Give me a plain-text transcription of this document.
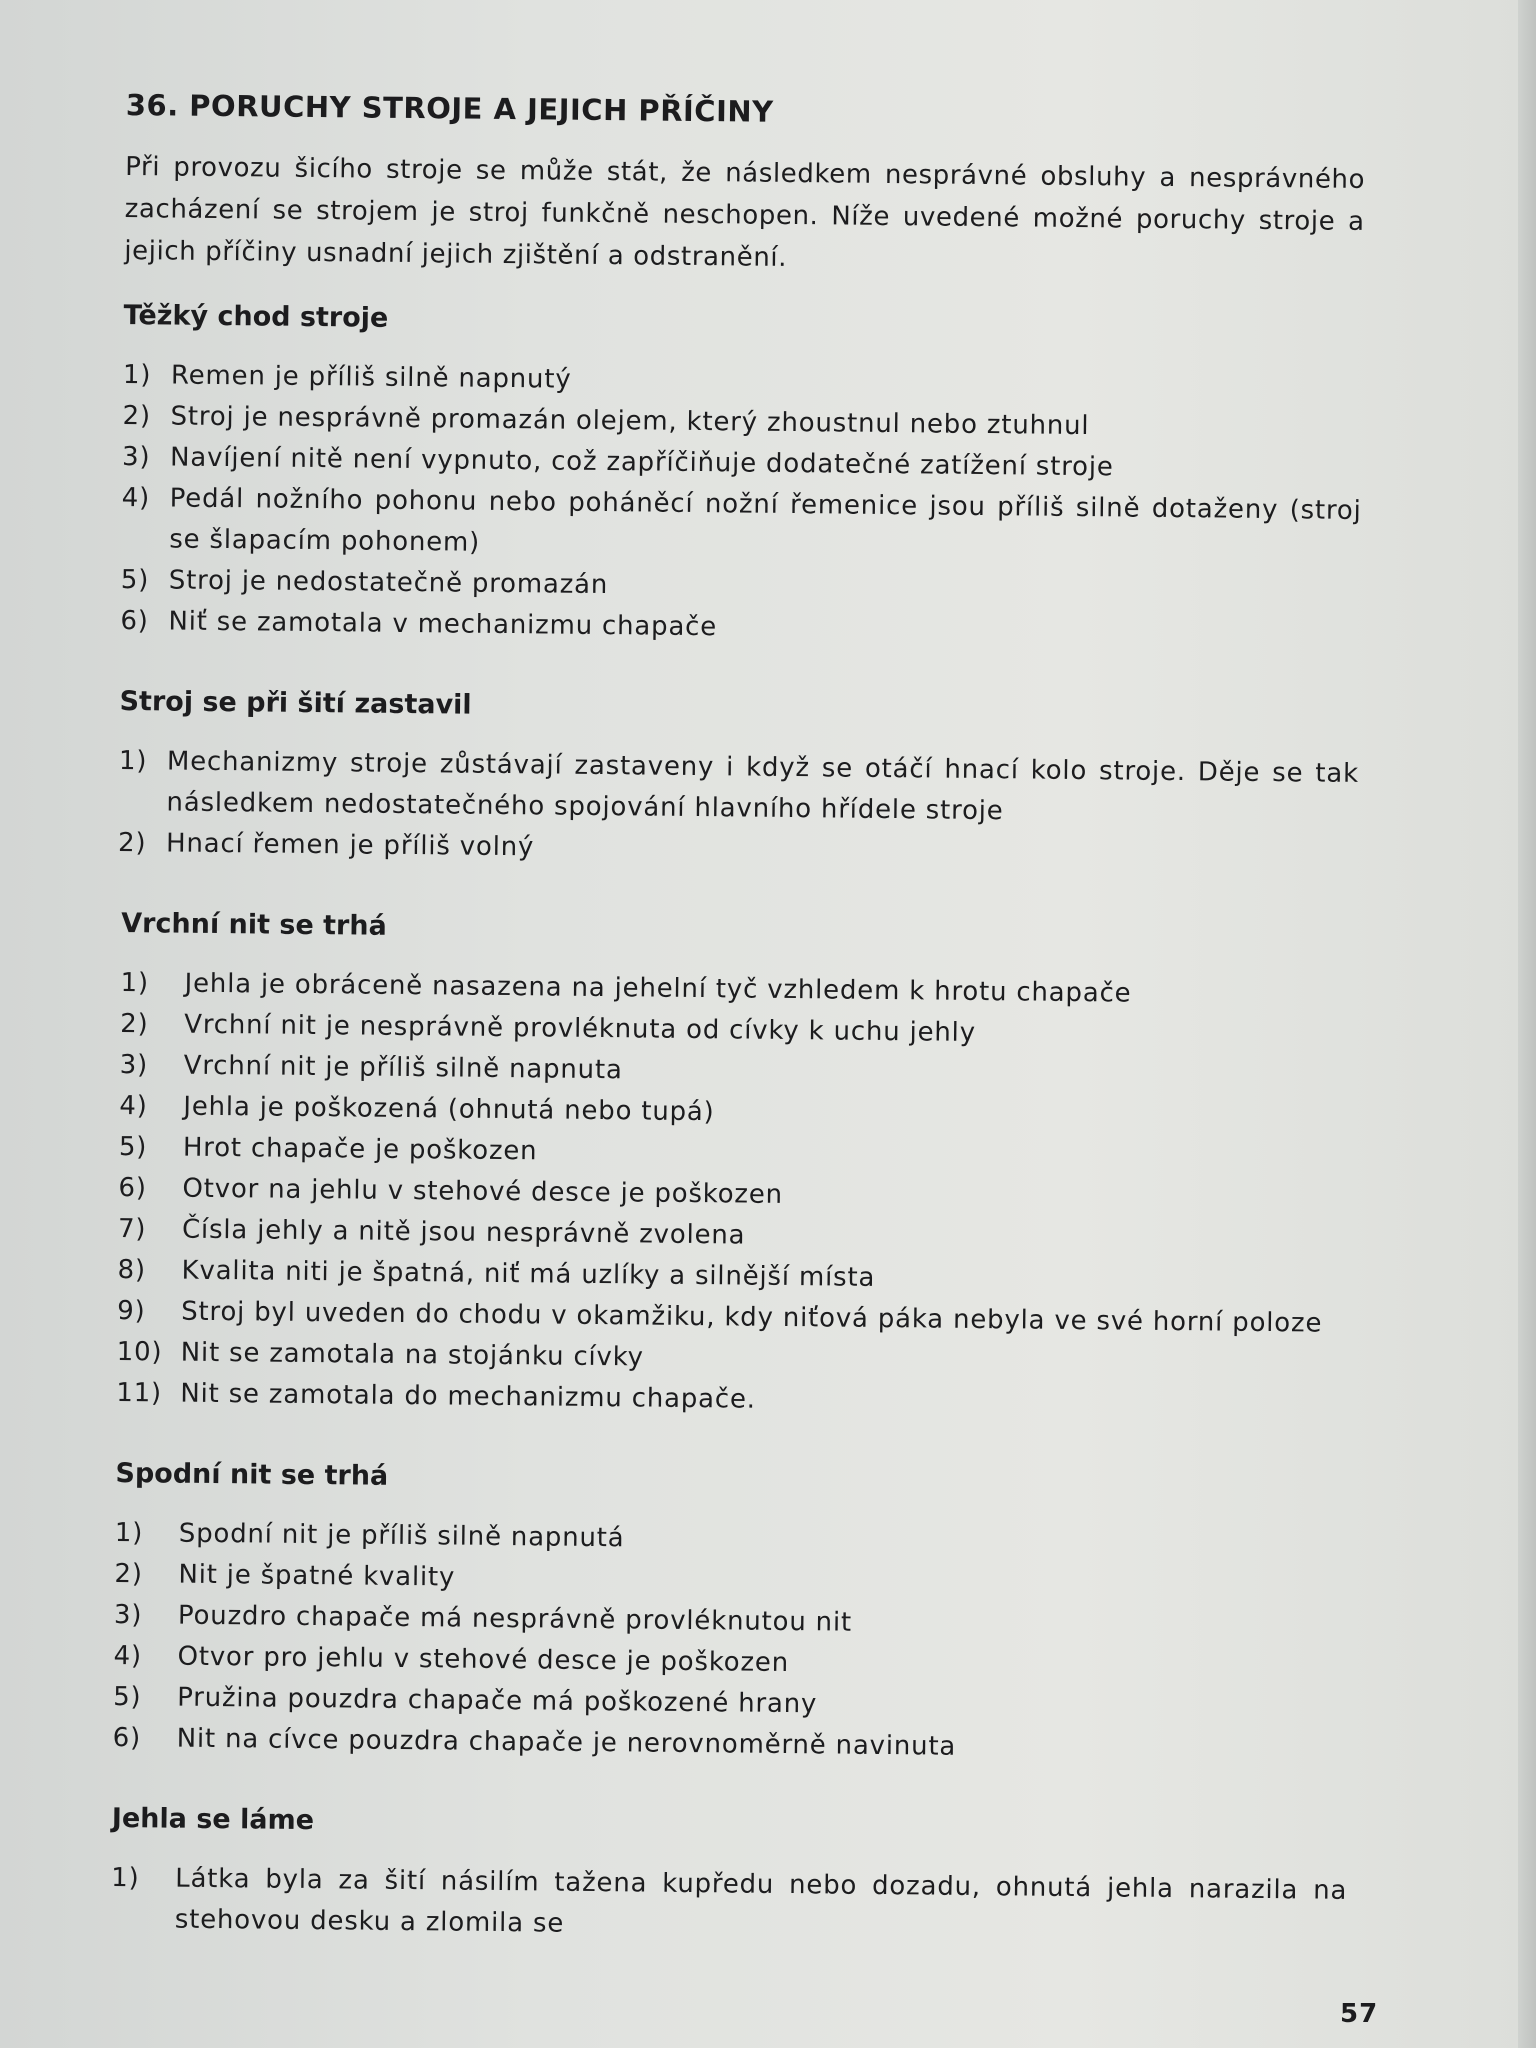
36. PORUCHY STROJE A JEJICH PŘÍČINY

Při provozu šicího stroje se může stát, že následkem nesprávné obsluhy a nesprávného zacházení se strojem je stroj funkčně neschopen. Níže uvedené možné poruchy stroje a jejich příčiny usnadní jejich zjištění a odstranění.

Těžký chod stroje
1) Remen je příliš silně napnutý
2) Stroj je nesprávně promazán olejem, který zhoustnul nebo ztuhnul
3) Navíjení nitě není vypnuto, což zapříčiňuje dodatečné zatížení stroje
4) Pedál nožního pohonu nebo poháněcí nožní řemenice jsou příliš silně dotaženy (stroj se šlapacím pohonem)
5) Stroj je nedostatečně promazán
6) Niť se zamotala v mechanizmu chapače
Stroj se při šití zastavil
1) Mechanizmy stroje zůstávají zastaveny i když se otáčí hnací kolo stroje. Děje se tak následkem nedostatečného spojování hlavního hřídele stroje
2) Hnací řemen je příliš volný
Vrchní nit se trhá
1) Jehla je obráceně nasazena na jehelní tyč vzhledem k hrotu chapače
2) Vrchní nit je nesprávně provléknuta od cívky k uchu jehly
3) Vrchní nit je příliš silně napnuta
4) Jehla je poškozená (ohnutá nebo tupá)
5) Hrot chapače je poškozen
6) Otvor na jehlu v stehové desce je poškozen
7) Čísla jehly a nitě jsou nesprávně zvolena
8) Kvalita niti je špatná, niť má uzlíky a silnější místa
9) Stroj byl uveden do chodu v okamžiku, kdy niťová páka nebyla ve své horní poloze
10) Nit se zamotala na stojánku cívky
11) Nit se zamotala do mechanizmu chapače.
Spodní nit se trhá
1) Spodní nit je příliš silně napnutá
2) Nit je špatné kvality
3) Pouzdro chapače má nesprávně provléknutou nit
4) Otvor pro jehlu v stehové desce je poškozen
5) Pružina pouzdra chapače má poškozené hrany
6) Nit na cívce pouzdra chapače je nerovnoměrně navinuta
Jehla se láme
1) Látka byla za šití násilím tažena kupředu nebo dozadu, ohnutá jehla narazila na stehovou desku a zlomila se
57
